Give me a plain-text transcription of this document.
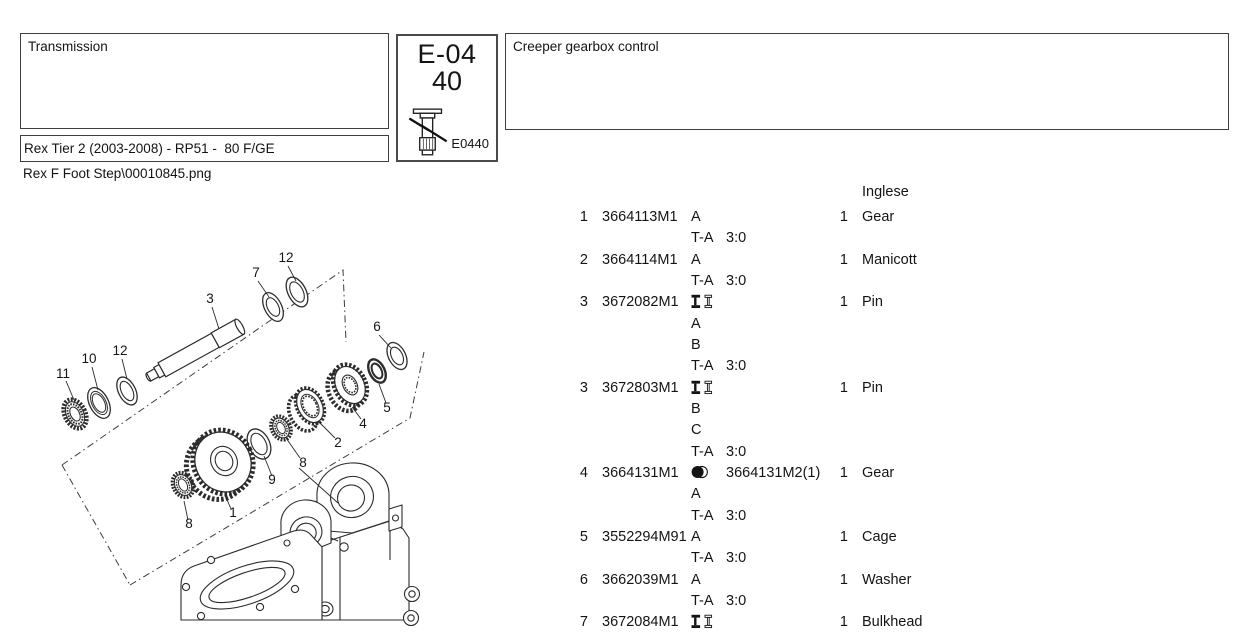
Transmission
Rex Tier 2 (2003-2008) - RP51 -  80 F/GE
Rex F Foot Step\00010845.png
E-04
40
E0440
Creeper gearbox control
11
10
12
3
7
12
6
5
4
2
8
9
1
8
Inglese
1 3664113M1 A	1 Gear
T-A 3:0
2 3664114M1 A	1 Manicott
T-A 3:0
3 3672082M1	1 Pin
A
B
T-A 3:0
3 3672803M1	1 Pin
B
C
T-A 3:0
4 3664131M1	3664131M2(1)	1 Gear
A
T-A 3:0
5 3552294M91 A	1 Cage
T-A 3:0
6 3662039M1 A	1 Washer
T-A 3:0
7 3672084M1	1 Bulkhead
